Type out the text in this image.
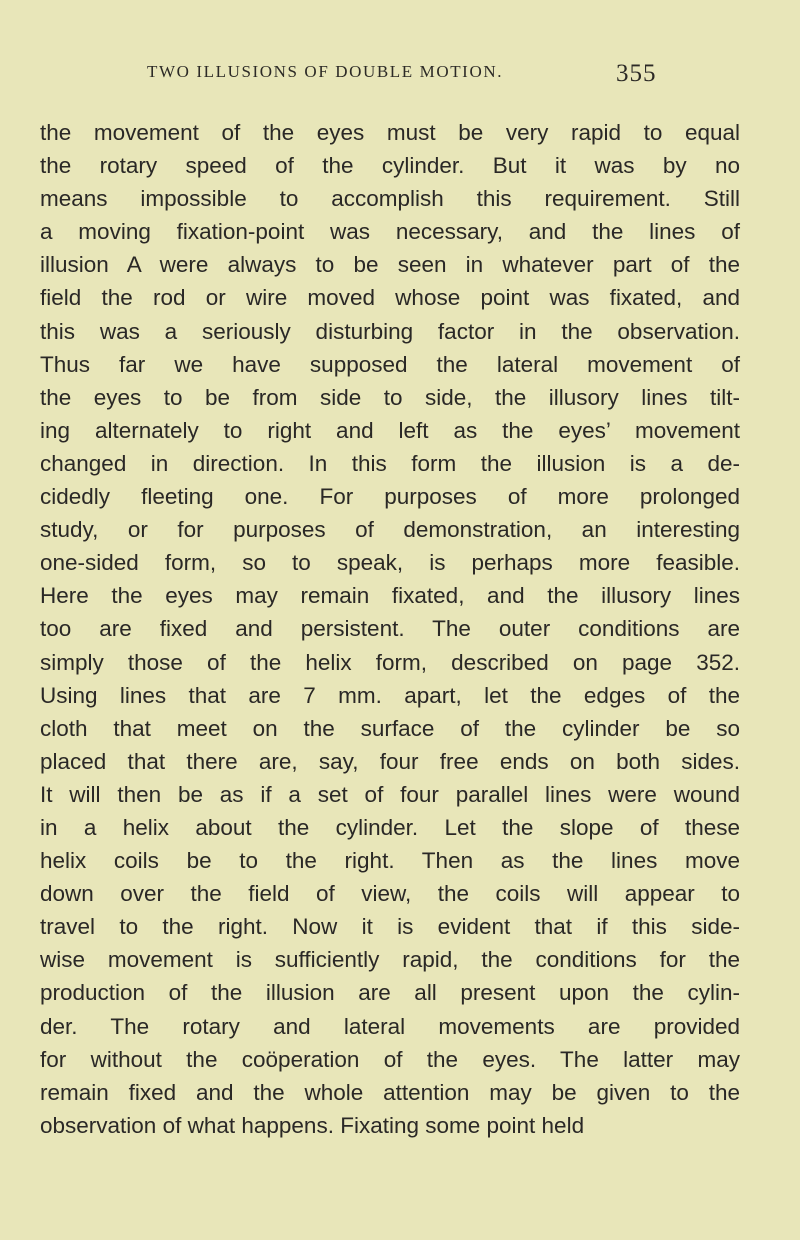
TWO ILLUSIONS OF DOUBLE MOTION.	355
the movement of the eyes must be very rapid to equal
the rotary speed of the cylinder. But it was by no
means impossible to accomplish this requirement. Still
a moving fixation-point was necessary, and the lines of
illusion A were always to be seen in whatever part of the
field the rod or wire moved whose point was fixated, and
this was a seriously disturbing factor in the observation.
Thus far we have supposed the lateral movement of
the eyes to be from side to side, the illusory lines tilt-
ing alternately to right and left as the eyes’ movement
changed in direction. In this form the illusion is a de-
cidedly fleeting one. For purposes of more prolonged
study, or for purposes of demonstration, an interesting
one-sided form, so to speak, is perhaps more feasible.
Here the eyes may remain fixated, and the illusory lines
too are fixed and persistent. The outer conditions are
simply those of the helix form, described on page 352.
Using lines that are 7 mm. apart, let the edges of the
cloth that meet on the surface of the cylinder be so
placed that there are, say, four free ends on both sides.
It will then be as if a set of four parallel lines were wound
in a helix about the cylinder. Let the slope of these
helix coils be to the right. Then as the lines move
down over the field of view, the coils will appear to
travel to the right. Now it is evident that if this side-
wise movement is sufficiently rapid, the conditions for the
production of the illusion are all present upon the cylin-
der. The rotary and lateral movements are provided
for without the coöperation of the eyes. The latter may
remain fixed and the whole attention may be given to the
observation of what happens. Fixating some point held
